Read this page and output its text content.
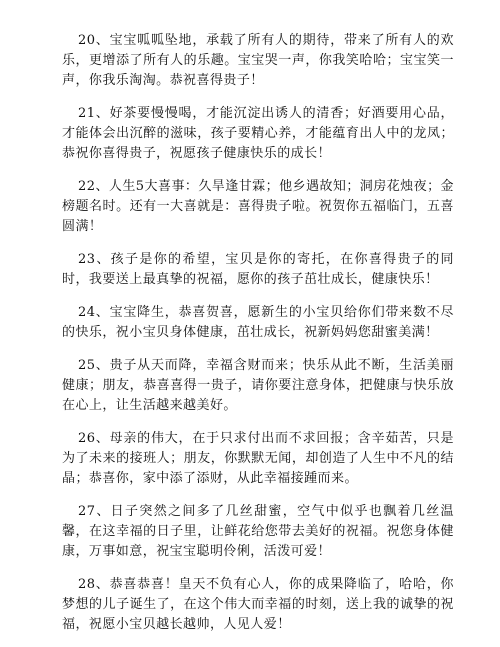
20、宝宝呱呱坠地，承载了所有人的期待，带来了所有人的欢乐，更增添了所有人的乐趣。宝宝哭一声，你我笑哈哈；宝宝笑一声，你我乐淘淘。恭祝喜得贵子！

21、好茶要慢慢喝，才能沉淀出诱人的清香；好酒要用心品，才能体会出沉醉的滋味，孩子要精心养，才能蕴育出人中的龙凤；恭祝你喜得贵子，祝愿孩子健康快乐的成长！

22、人生5大喜事：久旱逢甘霖；他乡遇故知；洞房花烛夜；金榜题名时。还有一大喜就是：喜得贵子啦。祝贺你五福临门，五喜圆满！

23、孩子是你的希望，宝贝是你的寄托，在你喜得贵子的同时，我要送上最真挚的祝福，愿你的孩子茁壮成长，健康快乐！

24、宝宝降生，恭喜贺喜，愿新生的小宝贝给你们带来数不尽的快乐，祝小宝贝身体健康，茁壮成长，祝新妈妈您甜蜜美满！

25、贵子从天而降，幸福含财而来；快乐从此不断，生活美丽健康；朋友，恭喜喜得一贵子，请你要注意身体，把健康与快乐放在心上，让生活越来越美好。

26、母亲的伟大，在于只求付出而不求回报；含辛茹苦，只是为了未来的接班人；朋友，你默默无闻，却创造了人生中不凡的结晶；恭喜你，家中添了添财，从此幸福接踵而来。

27、日子突然之间多了几丝甜蜜，空气中似乎也飘着几丝温馨，在这幸福的日子里，让鲜花给您带去美好的祝福。祝您身体健康，万事如意，祝宝宝聪明伶俐，活泼可爱！

28、恭喜恭喜！皇天不负有心人，你的成果降临了，哈哈，你梦想的儿子诞生了，在这个伟大而幸福的时刻，送上我的诚挚的祝福，祝愿小宝贝越长越帅，人见人爱！
